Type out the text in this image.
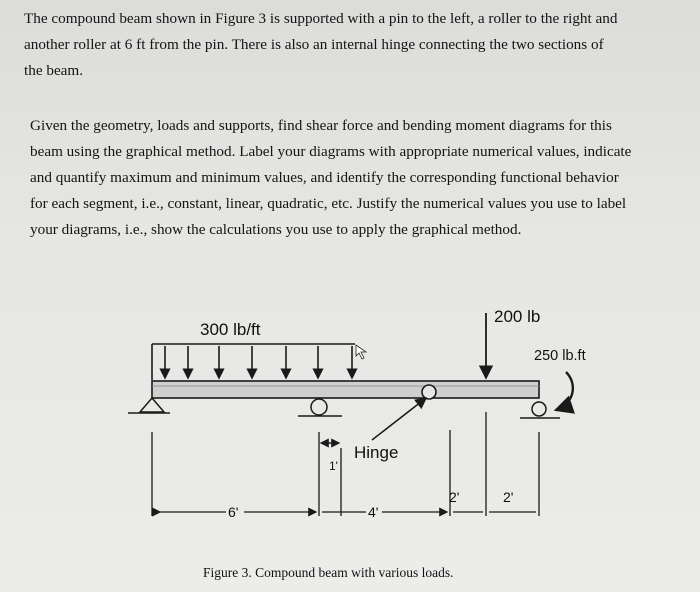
The compound beam shown in Figure 3 is supported with a pin to the left, a roller to the right and
another roller at 6 ft from the pin. There is also an internal hinge connecting the two sections of
the beam.

Given the geometry, loads and supports, find shear force and bending moment diagrams for this
beam using the graphical method. Label your diagrams with appropriate numerical values, indicate
and quantify maximum and minimum values, and identify the corresponding functional behavior
for each segment, i.e., constant, linear, quadratic, etc. Justify the numerical values you use to label
your diagrams, i.e., show the calculations you use to apply the graphical method.

300 lb/ft
200 lb
250 lb.ft
1'
Hinge
6'	4'
2'	2'
Figure 3. Compound beam with various loads.
